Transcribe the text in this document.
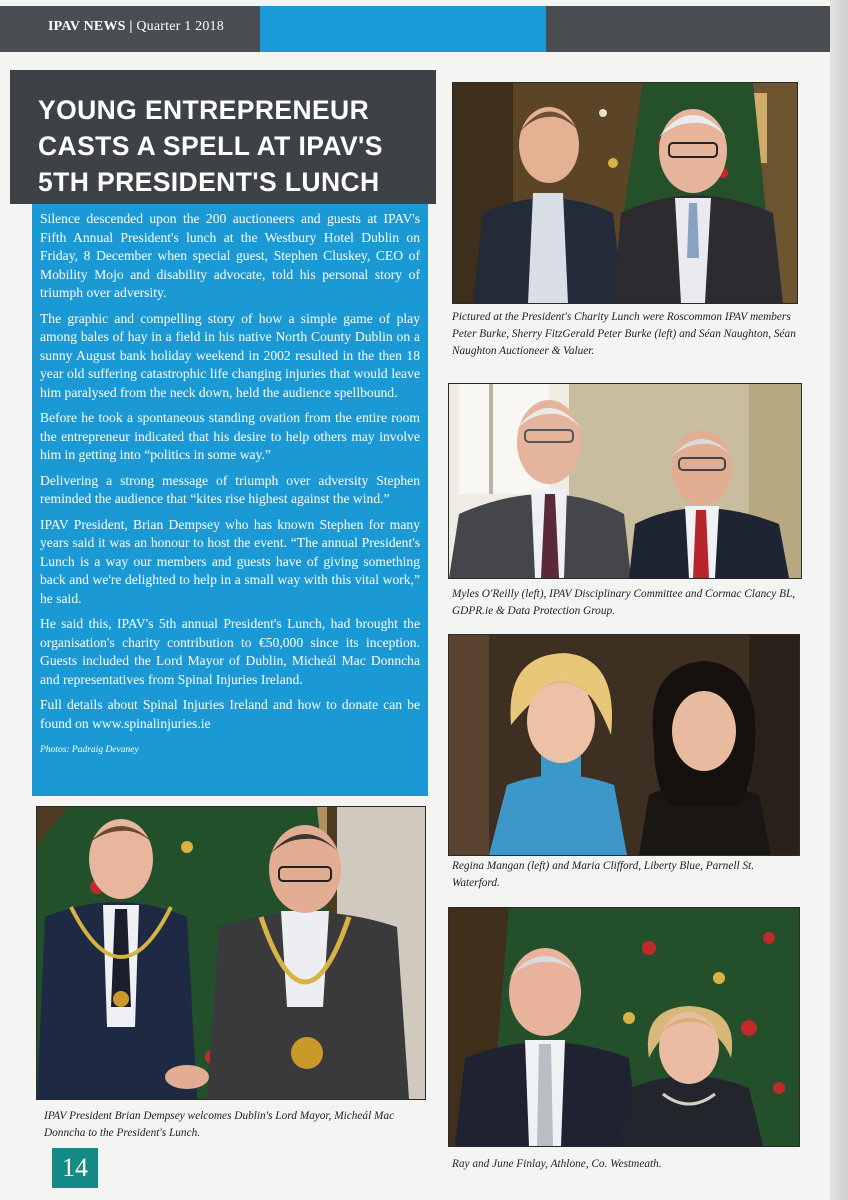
IPAV NEWS | Quarter 1 2018
YOUNG ENTREPRENEUR
CASTS A SPELL AT IPAV'S
5TH PRESIDENT'S LUNCH

Silence descended upon the 200 auctioneers and guests at IPAV's Fifth Annual President's lunch at the Westbury Hotel Dublin on Friday, 8 December when special guest, Stephen Cluskey, CEO of Mobility Mojo and disability advocate, told his personal story of triumph over adversity.

The graphic and compelling story of how a simple game of play among bales of hay in a field in his native North County Dublin on a sunny August bank holiday weekend in 2002 resulted in the then 18 year old suffering catastrophic life changing injuries that would leave him paralysed from the neck down, held the audience spellbound.

Before he took a spontaneous standing ovation from the entire room the entrepreneur indicated that his desire to help others may involve him in getting into “politics in some way.”

Delivering a strong message of triumph over adversity Stephen reminded the audience that “kites rise highest against the wind.”

IPAV President, Brian Dempsey who has known Stephen for many years said it was an honour to host the event. “The annual President's Lunch is a way our members and guests have of giving something back and we're delighted to help in a small way with this vital work,” he said.

He said this, IPAV's 5th annual President's Lunch, had brought the organisation's charity contribution to €50,000 since its inception. Guests included the Lord Mayor of Dublin, Micheál Mac Donncha and representatives from Spinal Injuries Ireland.

Full details about Spinal Injuries Ireland and how to donate can be found on www.spinalinjuries.ie

Photos: Padraig Devaney
Pictured at the President's Charity Lunch were Roscommon IPAV members Peter Burke, Sherry FitzGerald Peter Burke (left) and Séan Naughton, Séan Naughton Auctioneer & Valuer.
Myles O'Reilly (left), IPAV Disciplinary Committee and Cormac Clancy BL, GDPR.ie & Data Protection Group.
Regina Mangan (left) and Maria Clifford, Liberty Blue, Parnell St. Waterford.
IPAV President Brian Dempsey welcomes Dublin's Lord Mayor, Micheál Mac Donncha to the President's Lunch.
Ray and June Finlay, Athlone, Co. Westmeath.
14
